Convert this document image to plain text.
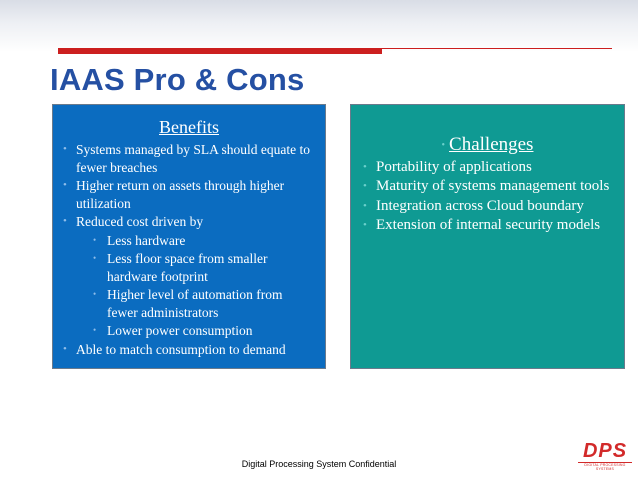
IAAS Pro & Cons
Benefits
• Systems managed by SLA should equate to fewer breaches
• Higher return on assets through higher utilization
• Reduced cost driven by
• Less hardware
• Less floor space from smaller hardware footprint
• Higher level of automation from fewer administrators
• Lower power consumption
• Able to match consumption to demand
• Challenges
• Portability of applications
• Maturity of systems management tools
• Integration across Cloud boundary
• Extension of internal security models
Digital Processing System Confidential
DPS
DIGITAL PROCESSING SYSTEMS
